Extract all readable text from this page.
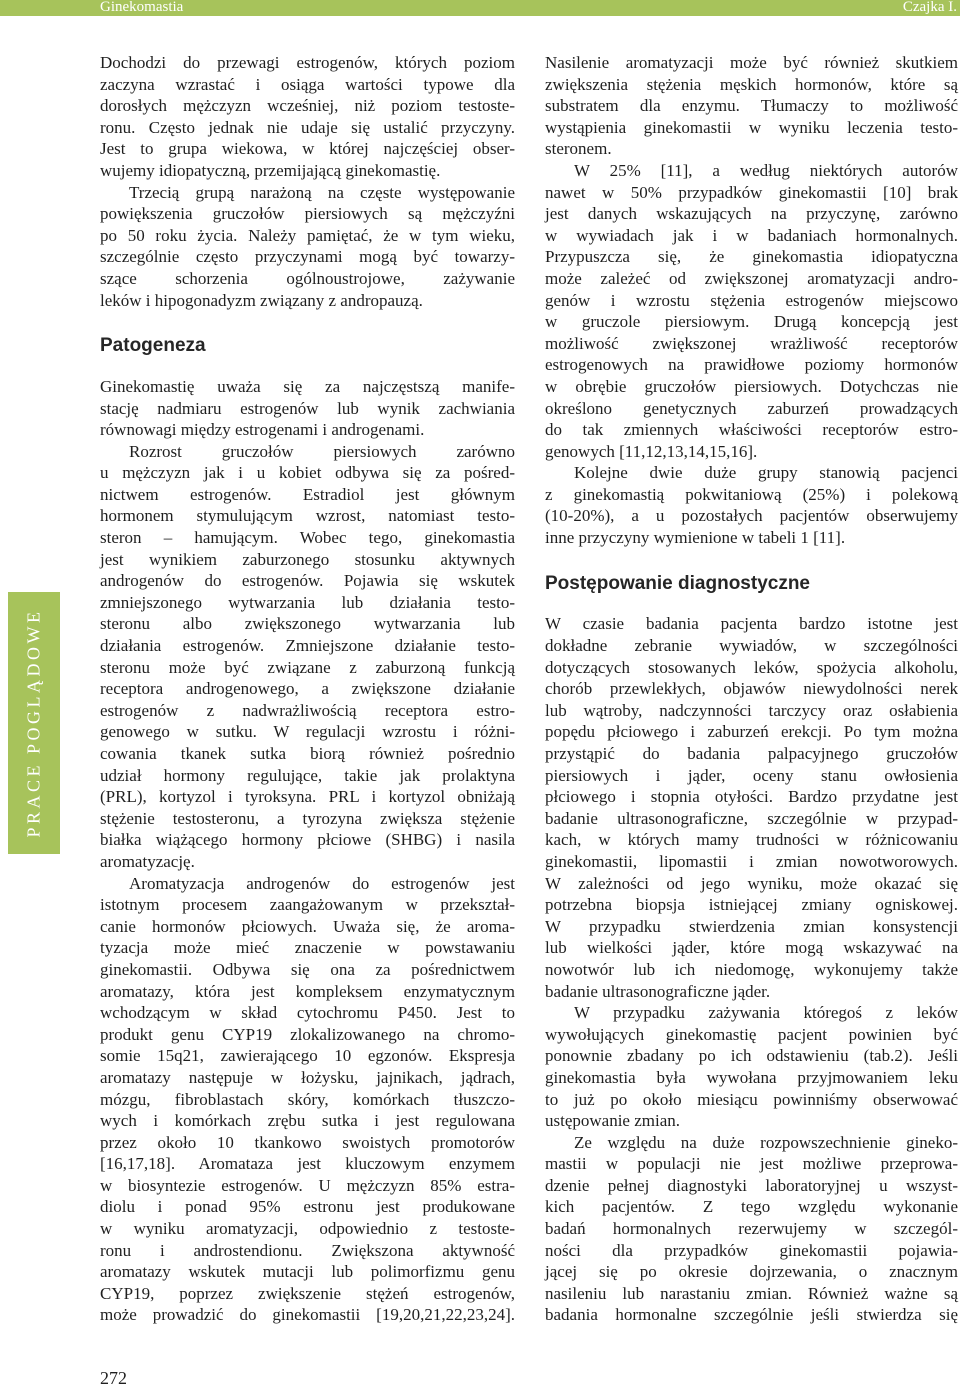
Ginekomastia	Czajka I.
PRACE POGLĄDOWE
Dochodzi do przewagi estrogenów, których poziom
zaczyna wzrastać i osiąga wartości typowe dla
dorosłych mężczyzn wcześniej, niż poziom testoste-
ronu. Często jednak nie udaje się ustalić przyczyny.
Jest to grupa wiekowa, w której najczęściej obser-
wujemy idiopatyczną, przemijającą ginekomastię.
Trzecią grupą narażoną na częste występowanie
powiększenia gruczołów piersiowych są mężczyźni
po 50 roku życia. Należy pamiętać, że w tym wieku,
szczególnie często przyczynami mogą być towarzy-
szące schorzenia ogólnoustrojowe, zażywanie
leków i hipogonadyzm związany z andropauzą.
Patogeneza
Ginekomastię uważa się za najczęstszą manife-
stację nadmiaru estrogenów lub wynik zachwiania
równowagi między estrogenami i androgenami.
Rozrost gruczołów piersiowych zarówno
u mężczyzn jak i u kobiet odbywa się za pośred-
nictwem estrogenów. Estradiol jest głównym
hormonem stymulującym wzrost, natomiast testo-
steron – hamującym. Wobec tego, ginekomastia
jest wynikiem zaburzonego stosunku aktywnych
androgenów do estrogenów. Pojawia się wskutek
zmniejszonego wytwarzania lub działania testo-
steronu albo zwiększonego wytwarzania lub
działania estrogenów. Zmniejszone działanie testo-
steronu może być związane z zaburzoną funkcją
receptora androgenowego, a zwiększone działanie
estrogenów z nadwrażliwością receptora estro-
genowego w sutku. W regulacji wzrostu i różni-
cowania tkanek sutka biorą również pośrednio
udział hormony regulujące, takie jak prolaktyna
(PRL), kortyzol i tyroksyna. PRL i kortyzol obniżają
stężenie testosteronu, a tyrozyna zwiększa stężenie
białka wiążącego hormony płciowe (SHBG) i nasila
aromatyzację.
Aromatyzacja androgenów do estrogenów jest
istotnym procesem zaangażowanym w przekształ-
canie hormonów płciowych. Uważa się, że aroma-
tyzacja może mieć znaczenie w powstawaniu
ginekomastii. Odbywa się ona za pośrednictwem
aromatazy, która jest kompleksem enzymatycznym
wchodzącym w skład cytochromu P450. Jest to
produkt genu CYP19 zlokalizowanego na chromo-
somie 15q21, zawierającego 10 egzonów. Ekspresja
aromatazy następuje w łożysku, jajnikach, jądrach,
mózgu, fibroblastach skóry, komórkach tłuszczo-
wych i komórkach zrębu sutka i jest regulowana
przez około 10 tkankowo swoistych promotorów
[16,17,18]. Aromataza jest kluczowym enzymem
w biosyntezie estrogenów. U mężczyzn 85% estra-
diolu i ponad 95% estronu jest produkowane
w wyniku aromatyzacji, odpowiednio z testoste-
ronu i androstendionu. Zwiększona aktywność
aromatazy wskutek mutacji lub polimorfizmu genu
CYP19, poprzez zwiększenie stężeń estrogenów,
może prowadzić do ginekomastii [19,20,21,22,23,24].
Nasilenie aromatyzacji może być również skutkiem
zwiększenia stężenia męskich hormonów, które są
substratem dla enzymu. Tłumaczy to możliwość
wystąpienia ginekomastii w wyniku leczenia testo-
steronem.
W 25% [11], a według niektórych autorów
nawet w 50% przypadków ginekomastii [10] brak
jest danych wskazujących na przyczynę, zarówno
w wywiadach jak i w badaniach hormonalnych.
Przypuszcza się, że ginekomastia idiopatyczna
może zależeć od zwiększonej aromatyzacji andro-
genów i wzrostu stężenia estrogenów miejscowo
w gruczole piersiowym. Drugą koncepcją jest
możliwość zwiększonej wrażliwość receptorów
estrogenowych na prawidłowe poziomy hormonów
w obrębie gruczołów piersiowych. Dotychczas nie
określono genetycznych zaburzeń prowadzących
do tak zmiennych właściwości receptorów estro-
genowych [11,12,13,14,15,16].
Kolejne dwie duże grupy stanowią pacjenci
z ginekomastią pokwitaniową (25%) i polekową
(10-20%), a u pozostałych pacjentów obserwujemy
inne przyczyny wymienione w tabeli 1 [11].
Postępowanie diagnostyczne
W czasie badania pacjenta bardzo istotne jest
dokładne zebranie wywiadów, w szczególności
dotyczących stosowanych leków, spożycia alkoholu,
chorób przewlekłych, objawów niewydolności nerek
lub wątroby, nadczynności tarczycy oraz osłabienia
popędu płciowego i zaburzeń erekcji. Po tym można
przystąpić do badania palpacyjnego gruczołów
piersiowych i jąder, oceny stanu owłosienia
płciowego i stopnia otyłości. Bardzo przydatne jest
badanie ultrasonograficzne, szczególnie w przypad-
kach, w których mamy trudności w różnicowaniu
ginekomastii, lipomastii i zmian nowotworowych.
W zależności od jego wyniku, może okazać się
potrzebna biopsja istniejącej zmiany ogniskowej.
W przypadku stwierdzenia zmian konsystencji
lub wielkości jąder, które mogą wskazywać na
nowotwór lub ich niedomogę, wykonujemy także
badanie ultrasonograficzne jąder.
W przypadku zażywania któregoś z leków
wywołujących ginekomastię pacjent powinien być
ponownie zbadany po ich odstawieniu (tab.2). Jeśli
ginekomastia była wywołana przyjmowaniem leku
to już po około miesiącu powinniśmy obserwować
ustępowanie zmian.
Ze względu na duże rozpowszechnienie gineko-
mastii w populacji nie jest możliwe przeprowa-
dzenie pełnej diagnostyki laboratoryjnej u wszyst-
kich pacjentów. Z tego względu wykonanie
badań hormonalnych rezerwujemy w szczegól-
ności dla przypadków ginekomastii pojawia-
jącej się po okresie dojrzewania, o znacznym
nasileniu lub narastaniu zmian. Również ważne są
badania hormonalne szczególnie jeśli stwierdza się
272
